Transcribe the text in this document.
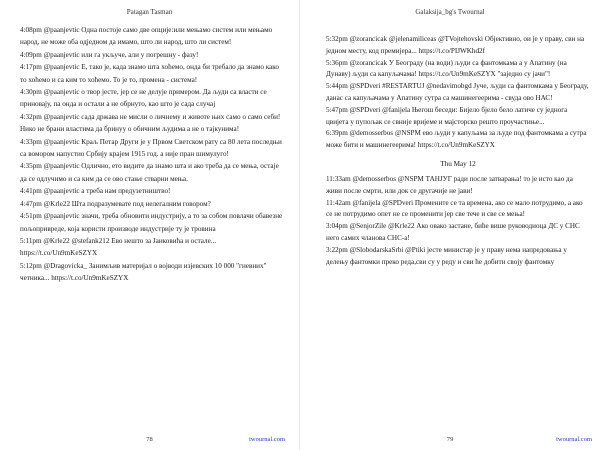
Patagan Tasman

4:08pm @paanjevtic Одна постоје само две опције:или мењамо систем или мењамо народ, не може оба одједном да имамо, што ли народ, што ли систем!

4:09pm @paanjevtic или га укључе, али у погрешну - фазу!

4:17pm @paanjevtic Е, тако је, када знамо шта хоћемо, онда би требало да знамо како то хоћемо и са ким то хоћемо. То је то, промена - система!

4:30pm @paanjevtic о твор јесте, јер се не делује примером. Да људи са власти се приновају, па онда и остали а не обрнуто, као што је сада случај

4:32pm @paanjevtic сада држава не мисли о личнему и животе њих само о само себи! Нико не брани властима да бринуу о обичним људима а не о тајкунима!

4:33pm @paanjevtic Краљ Петар Други је у Првом Светском рату са 80 лета последњи са вомором напустио Србију крајем 1915 год. а није пран шимулуго!

4:35pm @paanjevtic Одлично, ето видите да знамо шта и ако треба да се мења, остаје да се одлучимо и са ким да се ово стање стварни мења.

4:41pm @paanjevtic а треба нам предузетништво!

4:47pm @Krle22 Шта подразумевате под нелегалним говором?

4:51pm @paanjevtic значи, треба обновити индустрију, а то за собом повлачи обавезне пољопривреде, која користи производе индустрије ту је тровина

5:11pm @Krle22 @stefank212 Ево нешто за Јаиковића и остале... https://t.co/Un9mKeSZYX

5:12pm @Dragovicka_ Занимљив материјал о војводи изјевских 10 000 "гневних" четника... https://t.co/Un9mKeSZYX

78	twournal.com
Galaksija_bg's Twournal

5:32pm @zorancicak @jelenamiliceas @TVojtehovski Објективно, ои је у праву, сви на једном месту, код премијера... https://t.co/PIJWKhd2f

5:36pm @zorancicak У Београду (на води) људи са фантомкама а у Апатину (на Дунаву) људи са капуљачама! https://t.co/Un9mKeSZYX "заједно су јачи"!

5:44pm @SPDveri #RESTARTUJ @nedavimobgd Јуче, људи са фантомкама у Београду, данас са капуљачама у Апатину сутра са машинегеерима - свуда ово НАС!

5:47pm @SPDveri @fanijela Његош беседи: Бијело бјело бело латиче су једнога цвијета у пупољак се свније вријеме и мајсторско решто проучастиње...

6:39pm @demosserbos @NSPM ево људи у капуљама за људе под фантомкама а сутра може бити и машинегеерима! https://t.co/Un9mKeSZYX

Thu May 12

11:33am @demosserbos @NSPM ТАНЈУГ ради после затварања! то је исто као да живи после смрти, или док се другачије не јави!

11:42am @fanijela @SPDveri Промените се та времена, ако се мало потрудимо, а ако се не потрудимо опет не се променити јер све тече и све се мења!

3:04pm @SenjorZile @Krle22 Ако овако застане, биће више руководиоца ДС у СНС него самих чланова СНС-а!

3:22pm @SlobodarskaSrbi @Ptiki јесте министар је у праву нема напредовања у делењу фантомки преко реда,сви су у реду и сви ће добити своју фантомку

79	twournal.com
